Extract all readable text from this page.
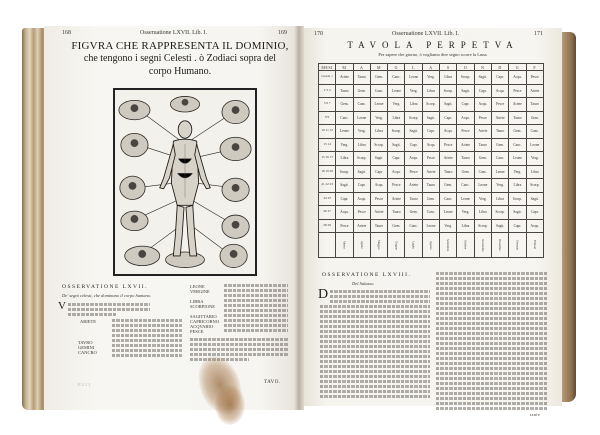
168	Osseruatione LXVII. Lib. I.	169
FIGVRA CHE RAPPRESENTA IL DOMINIO,
che tengono i segni Celesti . ò Zodiaci sopra del
corpo Humano.
OSSERVATIONE LXVII.
De' segni celesti, che dominano il corpo humano.
V
ARIETE
TAVRO
GEMINI
CANCRO
LEONE
VERGINE
LIBRA
SCORPIONE
SAGITTARIO
CAPRICORNO
ACQVARIO
PESCE
P 2 1 1	TAVO.
170	Osseruatione LXVII. Lib. I.	171
TAVOLA PERPETVA
Per sapere che giorno, ò vogliamo dire segno scorre la Luna.
MESI	M	A	M	G	L	A	S	O	N	D	G	F
Giorni 1	Ariete	Tauro	Gem.	Canc.	Leone	Verg.	Libra	Scorp.	Sagit.	Capr.	Acqu.	Pesce
2 3 4	Tauro	Gem.	Canc.	Leone	Verg.	Libra	Scorp.	Sagit.	Capr.	Acqu.	Pesce	Ariete
5 6 7	Gem.	Canc.	Leone	Verg.	Libra	Scorp.	Sagit.	Capr.	Acqu.	Pesce	Ariete	Tauro
8 9	Canc.	Leone	Verg.	Libra	Scorp.	Sagit.	Capr.	Acqu.	Pesce	Ariete	Tauro	Gem.
10 11 12	Leone	Verg.	Libra	Scorp.	Sagit.	Capr.	Acqu.	Pesce	Ariete	Tauro	Gem.	Canc.
13 14	Verg.	Libra	Scorp.	Sagit.	Capr.	Acqu.	Pesce	Ariete	Tauro	Gem.	Canc.	Leone
15 16 17	Libra	Scorp.	Sagit.	Capr.	Acqu.	Pesce	Ariete	Tauro	Gem.	Canc.	Leone	Verg.
18 19 20	Scorp.	Sagit.	Capr.	Acqu.	Pesce	Ariete	Tauro	Gem.	Canc.	Leone	Verg.	Libra
21 22 23	Sagit.	Capr.	Acqu.	Pesce	Ariete	Tauro	Gem.	Canc.	Leone	Verg.	Libra	Scorp.
24 25	Capr.	Acqu.	Pesce	Ariete	Tauro	Gem.	Canc.	Leone	Verg.	Libra	Scorp.	Sagit.
26 27	Acqu.	Pesce	Ariete	Tauro	Gem.	Canc.	Leone	Verg.	Libra	Scorp.	Sagit.	Capr.
28 29	Pesce	Ariete	Tauro	Gem.	Canc.	Leone	Verg.	Libra	Scorp.	Sagit.	Capr.	Acqu.
	Marzo	Aprile	Maggio	Giugno	Luglio	Agosto	Settembre	Ottobre	Novembre	Dicembre	Gennaio	Febraio
OSSERVATIONE LXVIII.
Del Salasso.
D
tante
